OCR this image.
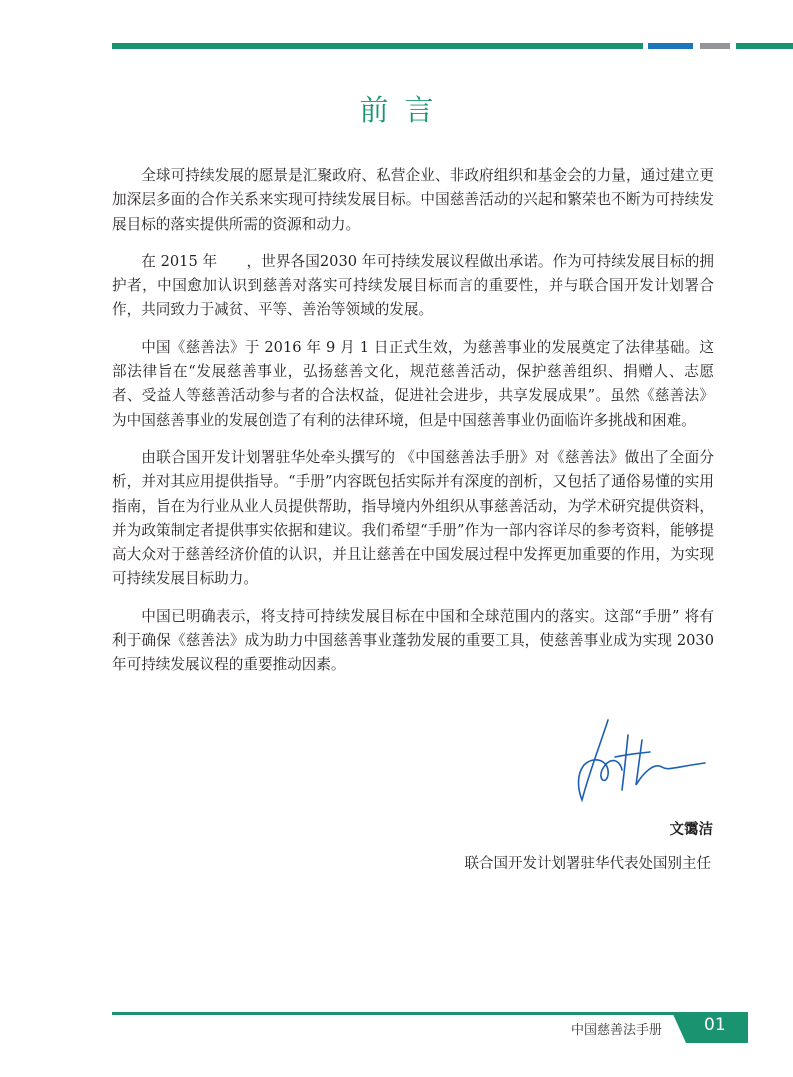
前言

全球可持续发展的愿景是汇聚政府、私营企业、非政府组织和基金会的力量，通过建立更加深层多面的合作关系来实现可持续发展目标。中国慈善活动的兴起和繁荣也不断为可持续发展目标的落实提供所需的资源和动力。

在 2015 年　　，世界各国2030 年可持续发展议程做出承诺。作为可持续发展目标的拥护者，中国愈加认识到慈善对落实可持续发展目标而言的重要性，并与联合国开发计划署合作，共同致力于减贫、平等、善治等领域的发展。

中国《慈善法》于 2016 年 9 月 1 日正式生效，为慈善事业的发展奠定了法律基础。这部法律旨在“发展慈善事业，弘扬慈善文化，规范慈善活动，保护慈善组织、捐赠人、志愿者、受益人等慈善活动参与者的合法权益，促进社会进步，共享发展成果”。虽然《慈善法》为中国慈善事业的发展创造了有利的法律环境，但是中国慈善事业仍面临许多挑战和困难。

由联合国开发计划署驻华处牵头撰写的 《中国慈善法手册》对《慈善法》做出了全面分析，并对其应用提供指导。“手册”内容既包括实际并有深度的剖析，又包括了通俗易懂的实用指南，旨在为行业从业人员提供帮助，指导境内外组织从事慈善活动，为学术研究提供资料，并为政策制定者提供事实依据和建议。我们希望“手册”作为一部内容详尽的参考资料，能够提高大众对于慈善经济价值的认识，并且让慈善在中国发展过程中发挥更加重要的作用，为实现可持续发展目标助力。

中国已明确表示，将支持可持续发展目标在中国和全球范围内的落实。这部“手册” 将有利于确保《慈善法》成为助力中国慈善事业蓬勃发展的重要工具，使慈善事业成为实现 2030 年可持续发展议程的重要推动因素。

文霭洁
联合国开发计划署驻华代表处国别主任
中国慈善法手册 01
